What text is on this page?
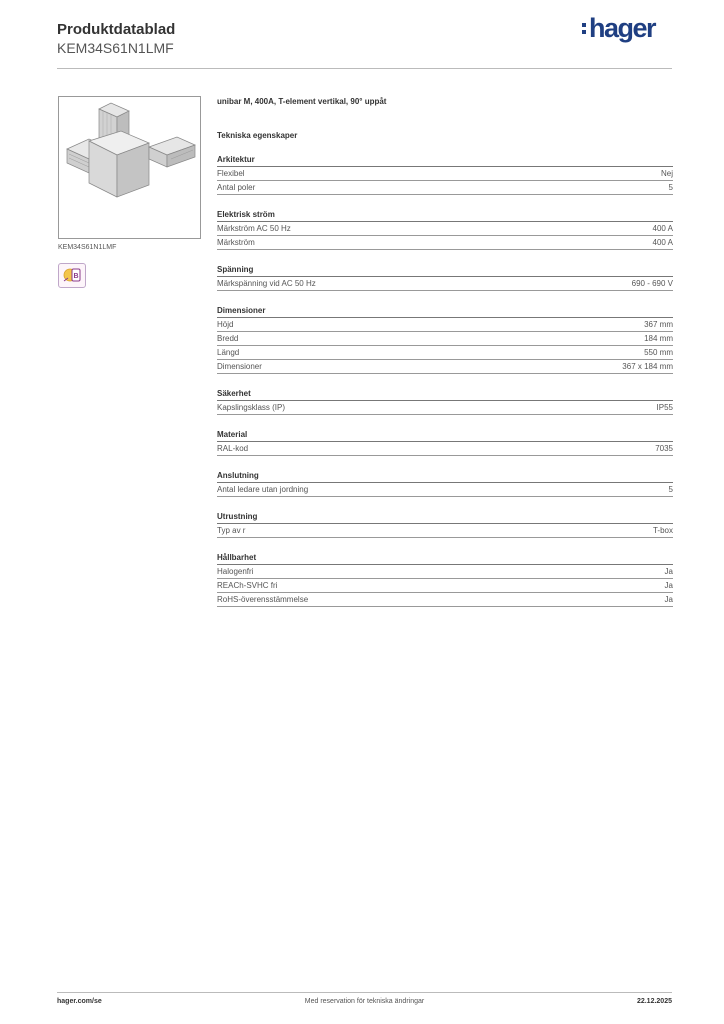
Produktdatablad
KEM34S61N1LMF
hager
KEM34S61N1LMF
B
unibar M, 400A, T-element vertikal, 90° uppåt
Tekniska egenskaper
Arkitektur
Flexibel	Nej
Antal poler	5
Elektrisk ström
Märkström AC 50 Hz	400 A
Märkström	400 A
Spänning
Märkspänning vid AC 50 Hz	690 - 690 V
Dimensioner
Höjd	367 mm
Bredd	184 mm
Längd	550 mm
Dimensioner	367 x 184 mm
Säkerhet
Kapslingsklass (IP)	IP55
Material
RAL-kod	7035
Anslutning
Antal ledare utan jordning	5
Utrustning
Typ av r	T-box
Hållbarhet
Halogenfri	Ja
REACh-SVHC fri	Ja
RoHS-överensstämmelse	Ja
hager.com/se	Med reservation för tekniska ändringar	22.12.2025
